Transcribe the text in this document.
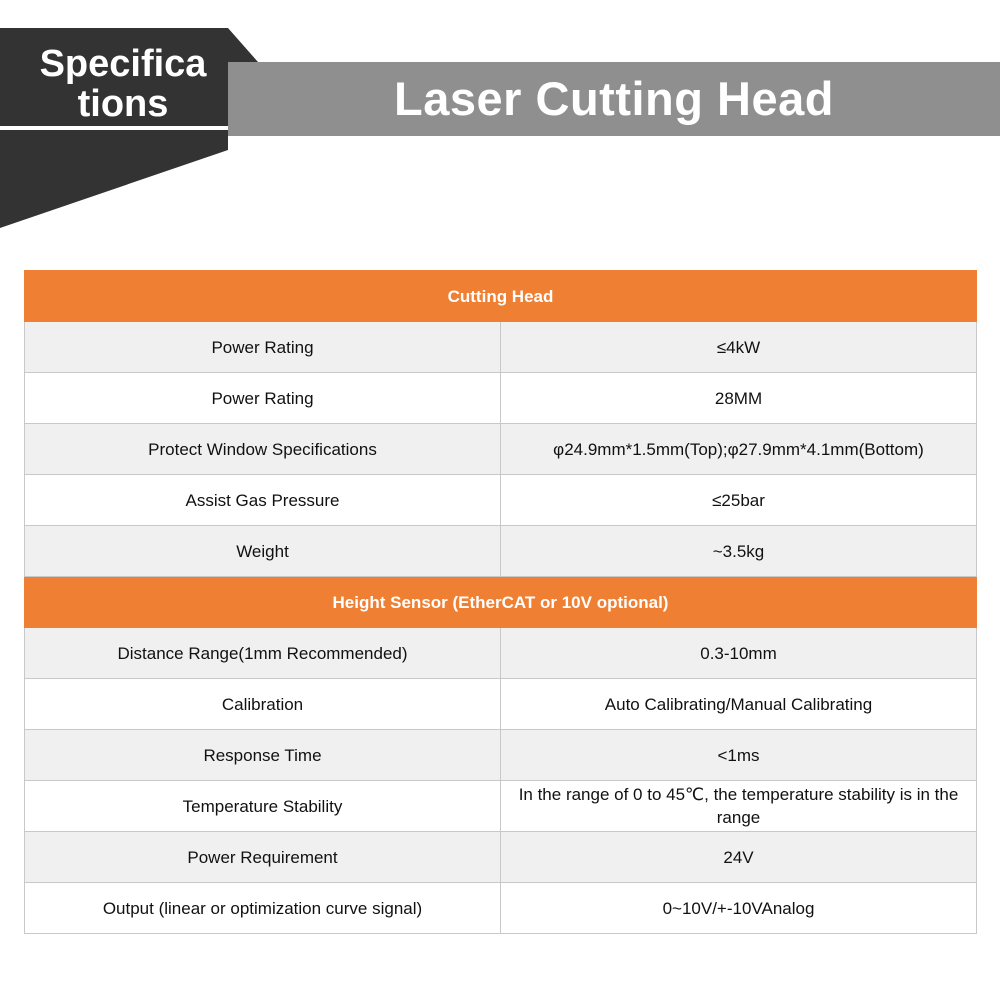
Laser Cutting Head
Specifica
tions
Cutting Head	
Power Rating	≤4kW
Power Rating	28MM
Protect Window Specifications	φ24.9mm*1.5mm(Top);φ27.9mm*4.1mm(Bottom)
Assist Gas Pressure	≤25bar
Weight	~3.5kg
Height Sensor (EtherCAT or 10V optional)	
Distance Range(1mm Recommended)	0.3-10mm
Calibration	Auto Calibrating/Manual Calibrating
Response Time	<1ms
Temperature Stability	In the range of 0 to 45℃, the temperature stability is in the range
Power Requirement	24V
Output (linear or optimization curve signal)	0~10V/+-10VAnalog
